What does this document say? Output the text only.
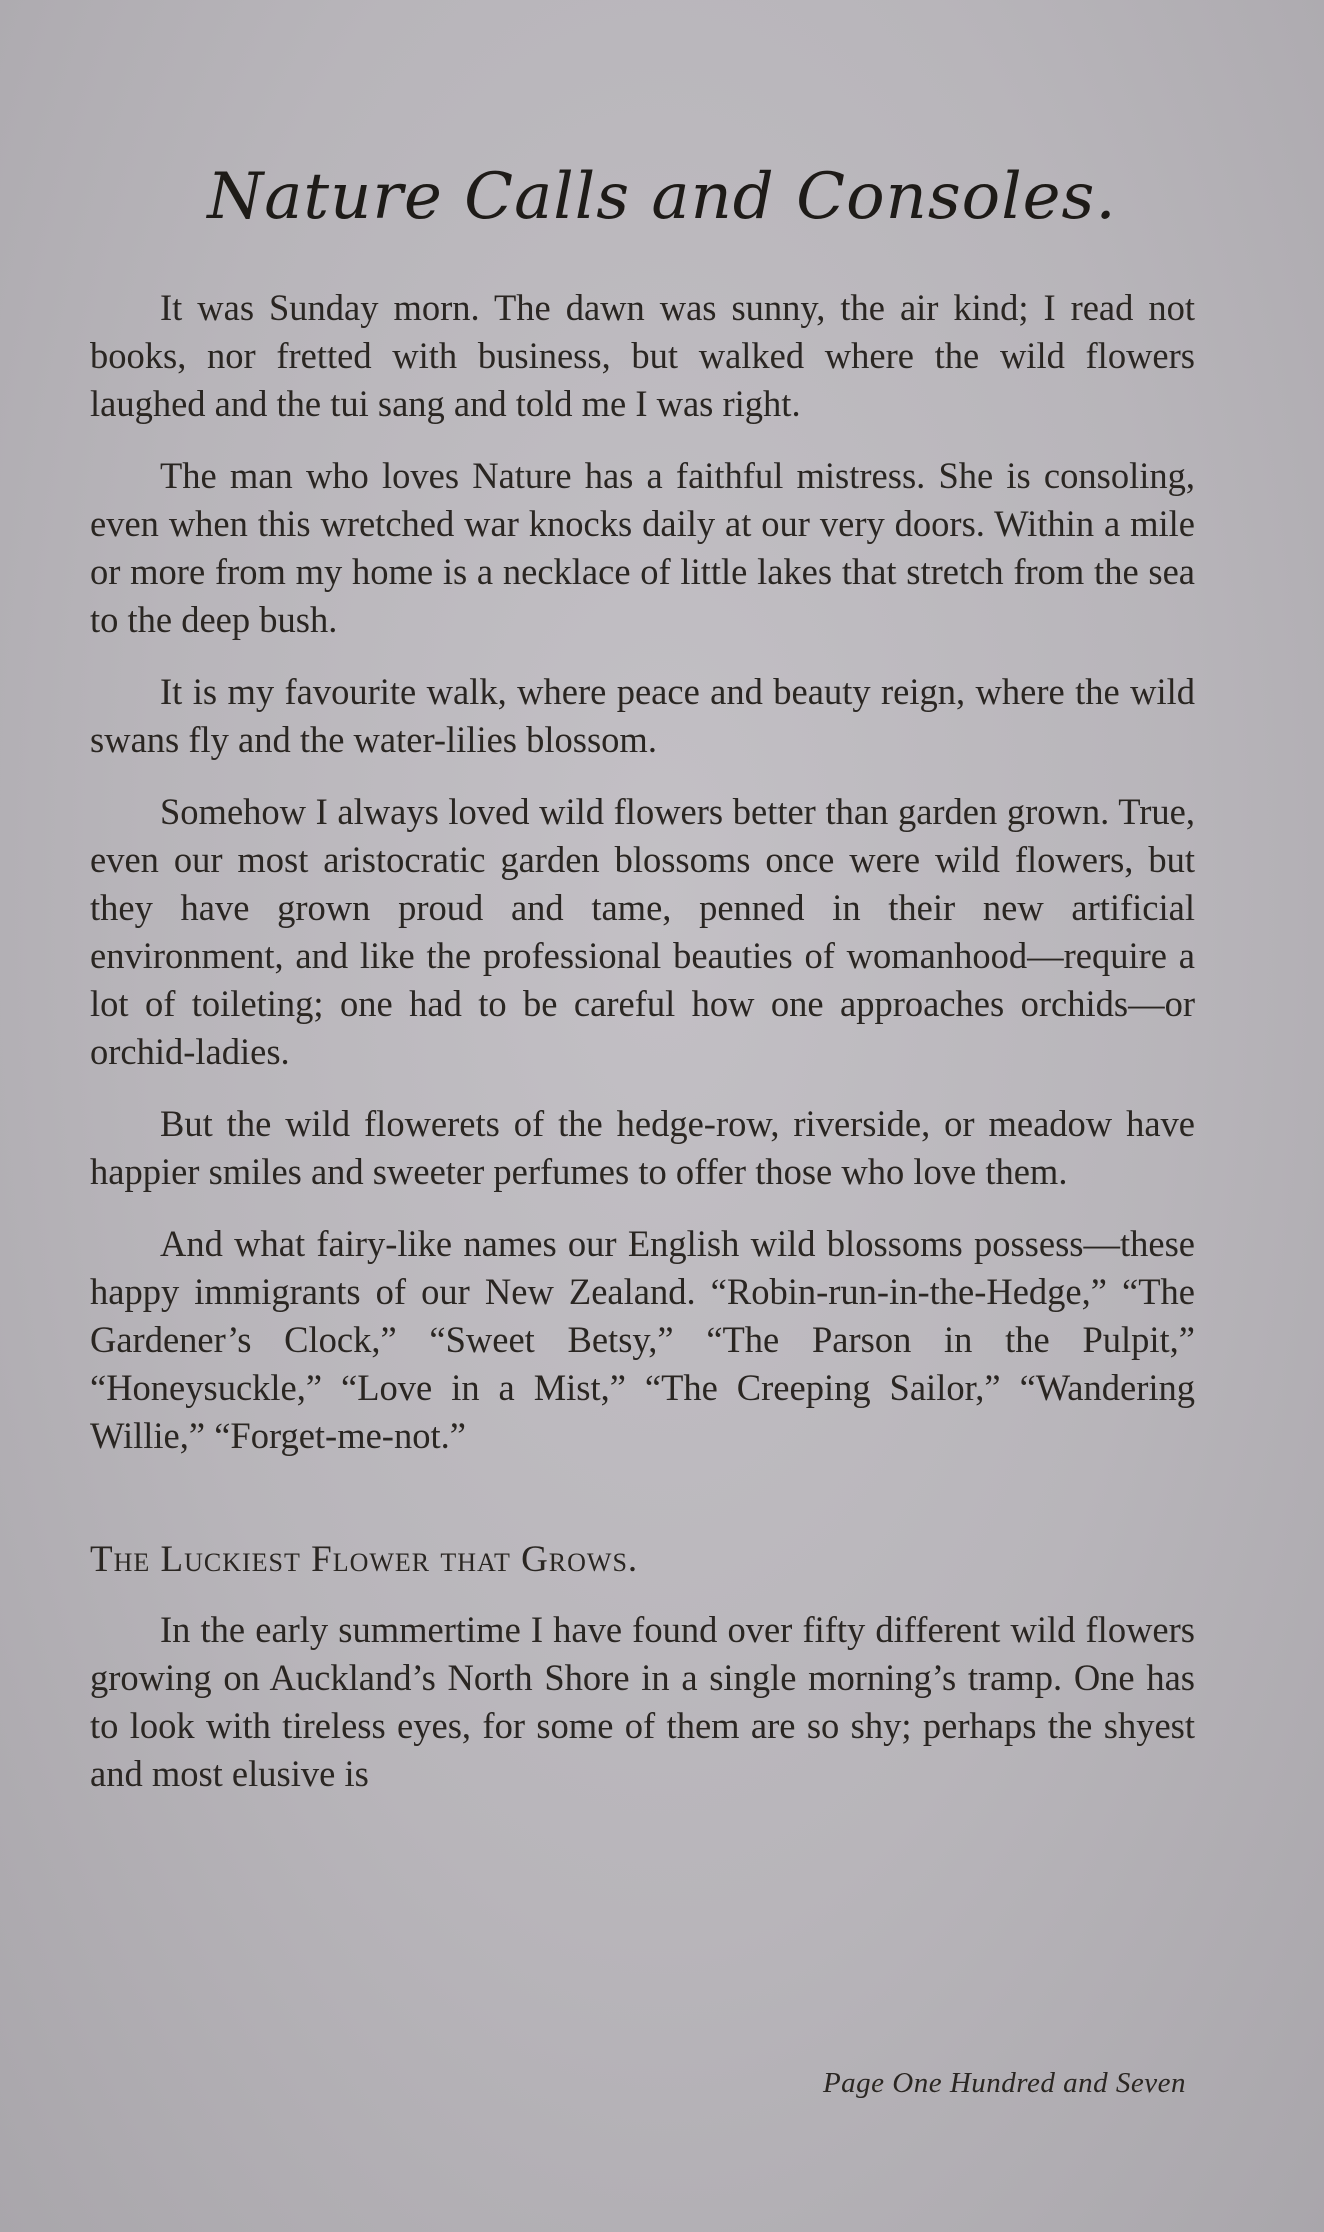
Nature Calls and Consoles.

It was Sunday morn. The dawn was sunny, the air kind; I read not books, nor fretted with business, but walked where the wild flowers laughed and the tui sang and told me I was right.

The man who loves Nature has a faithful mistress. She is consoling, even when this wretched war knocks daily at our very doors. Within a mile or more from my home is a necklace of little lakes that stretch from the sea to the deep bush.

It is my favourite walk, where peace and beauty reign, where the wild swans fly and the water-lilies blossom.

Somehow I always loved wild flowers better than garden grown. True, even our most aristocratic garden blossoms once were wild flowers, but they have grown proud and tame, penned in their new artificial environment, and like the professional beauties of womanhood—require a lot of toileting; one had to be careful how one approaches orchids—or orchid-ladies.

But the wild flowerets of the hedge-row, riverside, or meadow have happier smiles and sweeter perfumes to offer those who love them.

And what fairy-like names our English wild blossoms possess—these happy immigrants of our New Zealand. “Robin-run-in-the-Hedge,” “The Gardener’s Clock,” “Sweet Betsy,” “The Parson in the Pulpit,” “Honeysuckle,” “Love in a Mist,” “The Creeping Sailor,” “Wandering Willie,” “Forget-me-not.”

The Luckiest Flower that Grows.

In the early summertime I have found over fifty different wild flowers growing on Auckland’s North Shore in a single morning’s tramp. One has to look with tireless eyes, for some of them are so shy; perhaps the shyest and most elusive is

Page One Hundred and Seven
